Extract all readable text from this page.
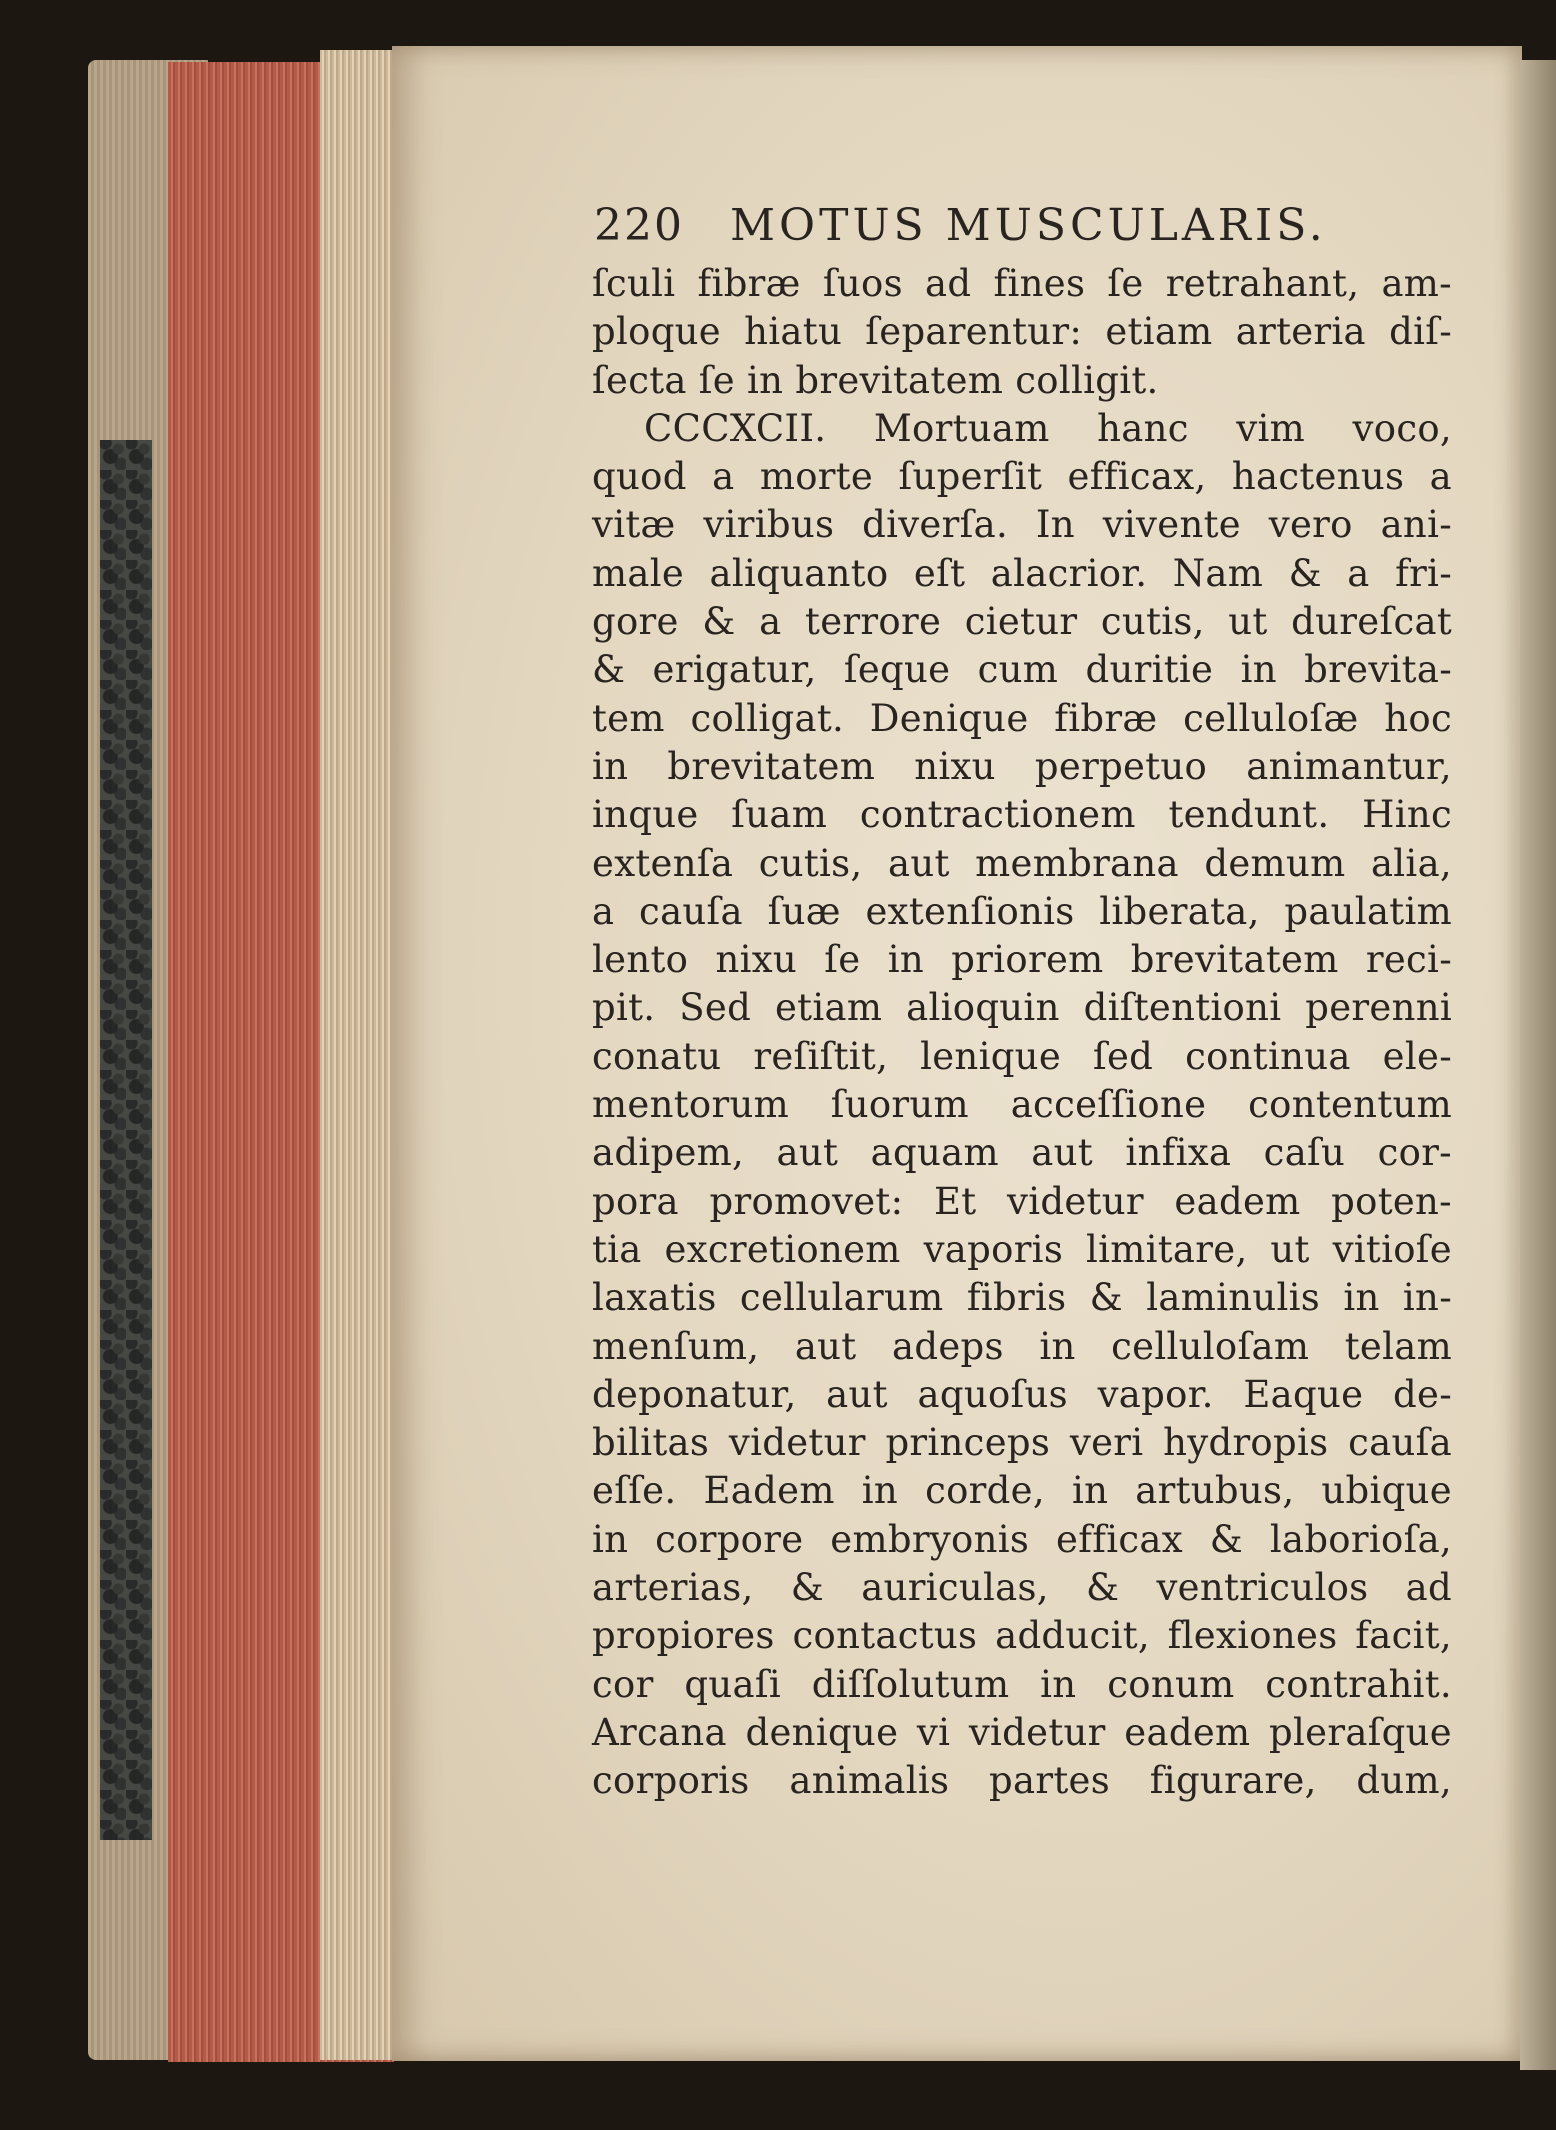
220 MOTUS MUSCULARIS.
ſculi fibræ ſuos ad fines ſe retrahant, am-
ploque hiatu ſeparentur: etiam arteria diſ-
ſecta ſe in brevitatem colligit.
CCCXCII. Mortuam hanc vim voco,
quod a morte ſuperſit efficax, hactenus a
vitæ viribus diverſa. In vivente vero ani-
male aliquanto eſt alacrior. Nam & a fri-
gore & a terrore cietur cutis, ut dureſcat
& erigatur, ſeque cum duritie in brevita-
tem colligat. Denique fibræ celluloſæ hoc
in brevitatem nixu perpetuo animantur,
inque ſuam contractionem tendunt. Hinc
extenſa cutis, aut membrana demum alia,
a cauſa ſuæ extenſionis liberata, paulatim
lento nixu ſe in priorem brevitatem reci-
pit. Sed etiam alioquin diſtentioni perenni
conatu reſiſtit, lenique ſed continua ele-
mentorum ſuorum acceſſione contentum
adipem, aut aquam aut infixa caſu cor-
pora promovet: Et videtur eadem poten-
tia excretionem vaporis limitare, ut vitioſe
laxatis cellularum fibris & laminulis in in-
menſum, aut adeps in celluloſam telam
deponatur, aut aquoſus vapor. Eaque de-
bilitas videtur princeps veri hydropis cauſa
eſſe. Eadem in corde, in artubus, ubique
in corpore embryonis efficax & laborioſa,
arterias, & auriculas, & ventriculos ad
propiores contactus adducit, flexiones facit,
cor quaſi diſſolutum in conum contrahit.
Arcana denique vi videtur eadem pleraſque
corporis animalis partes figurare, dum,
